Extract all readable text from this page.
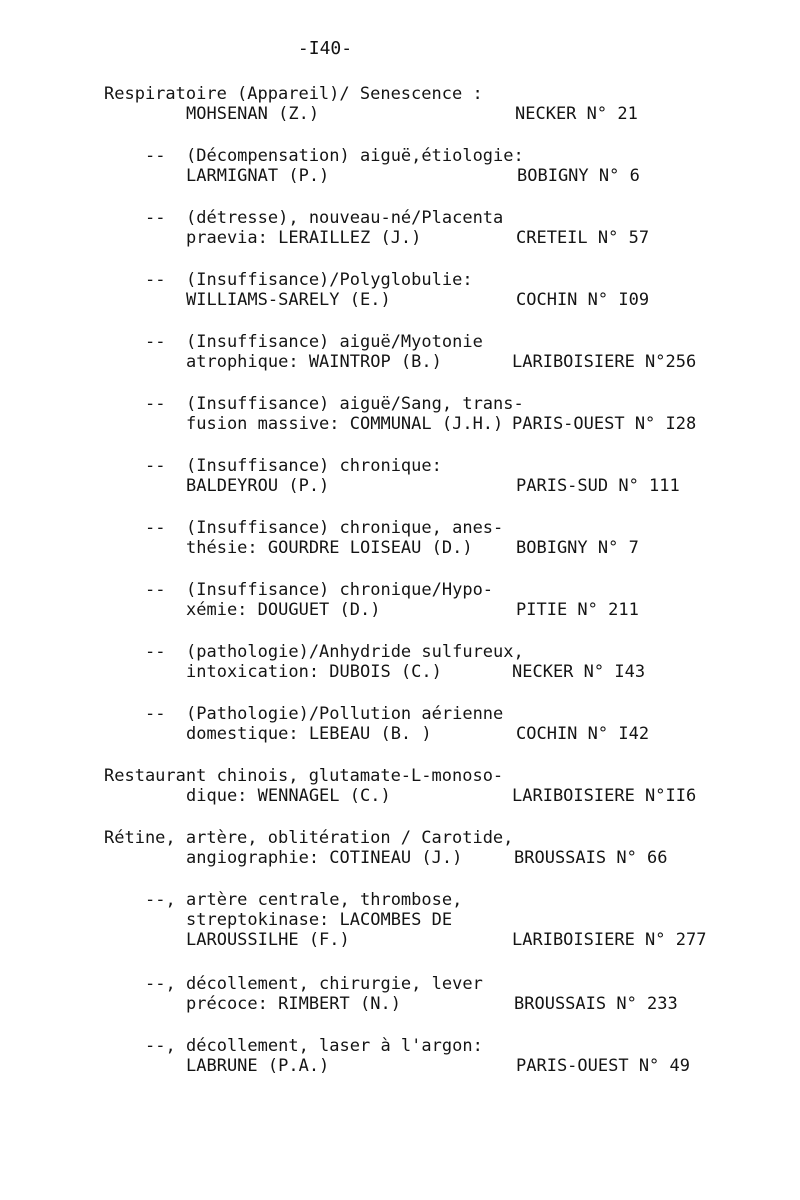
-I40-
Respiratoire (Appareil)/ Senescence :
MOHSENAN (Z.)	NECKER N° 21
-- (Décompensation) aiguë,étiologie:
LARMIGNAT (P.)	BOBIGNY N° 6
-- (détresse), nouveau-né/Placenta
praevia: LERAILLEZ (J.)	CRETEIL N° 57
-- (Insuffisance)/Polyglobulie:
WILLIAMS-SARELY (E.)	COCHIN N° I09
-- (Insuffisance) aiguë/Myotonie
atrophique: WAINTROP (B.)	LARIBOISIERE N°256
-- (Insuffisance) aiguë/Sang, trans-
fusion massive: COMMUNAL (J.H.) PARIS-OUEST N° I28
-- (Insuffisance) chronique:
BALDEYROU (P.)	PARIS-SUD N° 111
-- (Insuffisance) chronique, anes-
thésie: GOURDRE LOISEAU (D.)	BOBIGNY N° 7
-- (Insuffisance) chronique/Hypo-
xémie: DOUGUET (D.)	PITIE N° 211
-- (pathologie)/Anhydride sulfureux,
intoxication: DUBOIS (C.)	NECKER N° I43
-- (Pathologie)/Pollution aérienne
domestique: LEBEAU (B. )	COCHIN N° I42
Restaurant chinois, glutamate-L-monoso-
dique: WENNAGEL (C.)	LARIBOISIERE N°II6
Rétine, artère, oblitération / Carotide,
angiographie: COTINEAU (J.)	BROUSSAIS N° 66
--, artère centrale, thrombose,
streptokinase: LACOMBES DE
LAROUSSILHE (F.)	LARIBOISIERE N° 277
--, décollement, chirurgie, lever
précoce: RIMBERT (N.)	BROUSSAIS N° 233
--, décollement, laser à l'argon:
LABRUNE (P.A.)	PARIS-OUEST N° 49
